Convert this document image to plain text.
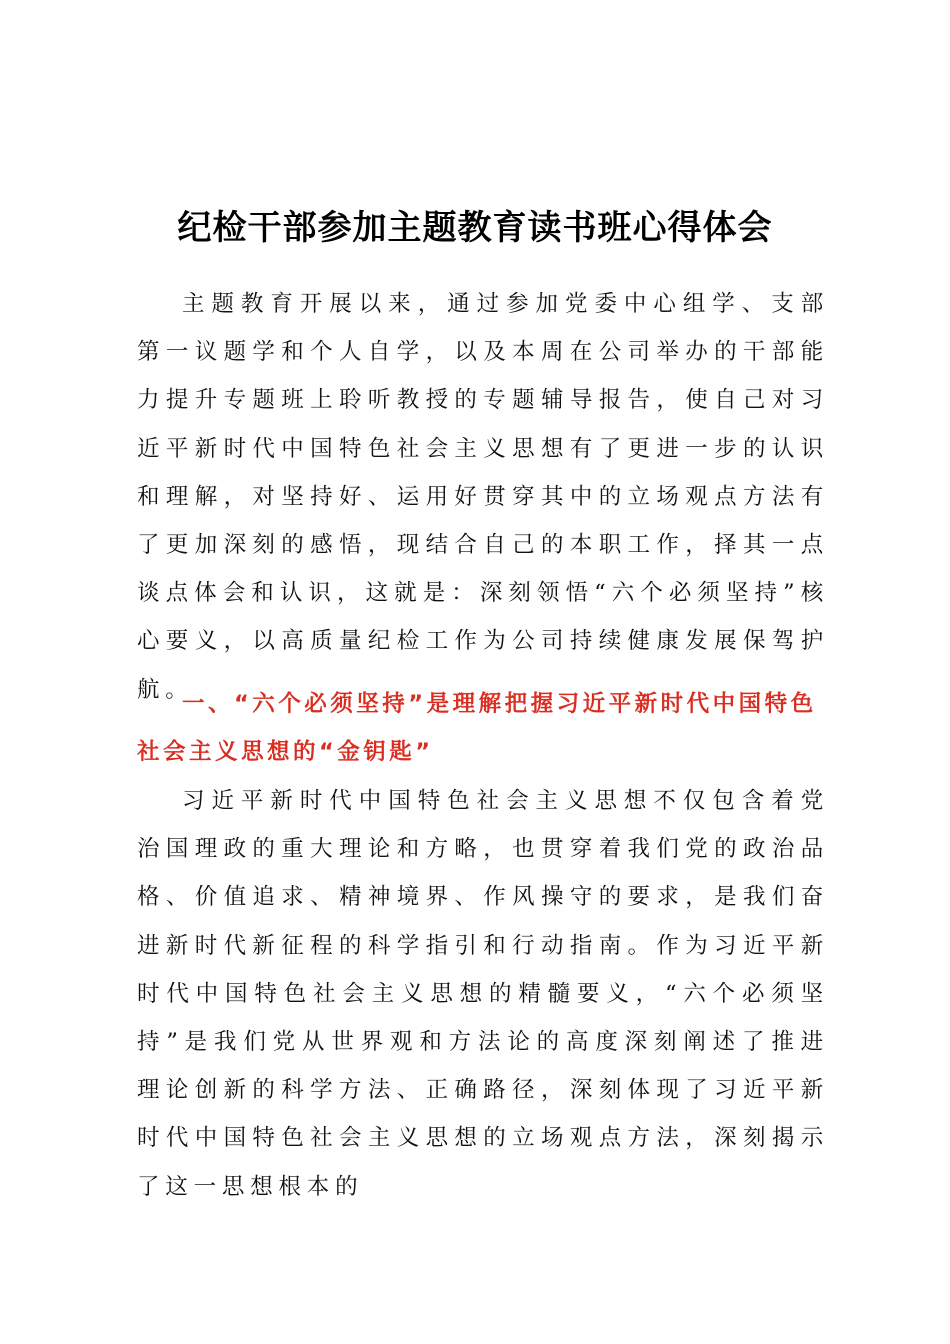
纪检干部参加主题教育读书班心得体会

主题教育开展以来，通过参加党委中心组学、支部第一议题学和个人自学，以及本周在公司举办的干部能力提升专题班上聆听教授的专题辅导报告，使自己对习近平新时代中国特色社会主义思想有了更进一步的认识和理解，对坚持好、运用好贯穿其中的立场观点方法有了更加深刻的感悟，现结合自己的本职工作，择其一点谈点体会和认识，这就是：深刻领悟“六个必须坚持”核心要义，以高质量纪检工作为公司持续健康发展保驾护航。

一、“六个必须坚持”是理解把握习近平新时代中国特色社会主义思想的“金钥匙”

习近平新时代中国特色社会主义思想不仅包含着党治国理政的重大理论和方略，也贯穿着我们党的政治品格、价值追求、精神境界、作风操守的要求，是我们奋进新时代新征程的科学指引和行动指南。作为习近平新时代中国特色社会主义思想的精髓要义，“六个必须坚持”是我们党从世界观和方法论的高度深刻阐述了推进理论创新的科学方法、正确路径，深刻体现了习近平新时代中国特色社会主义思想的立场观点方法，深刻揭示了这一思想根本的
